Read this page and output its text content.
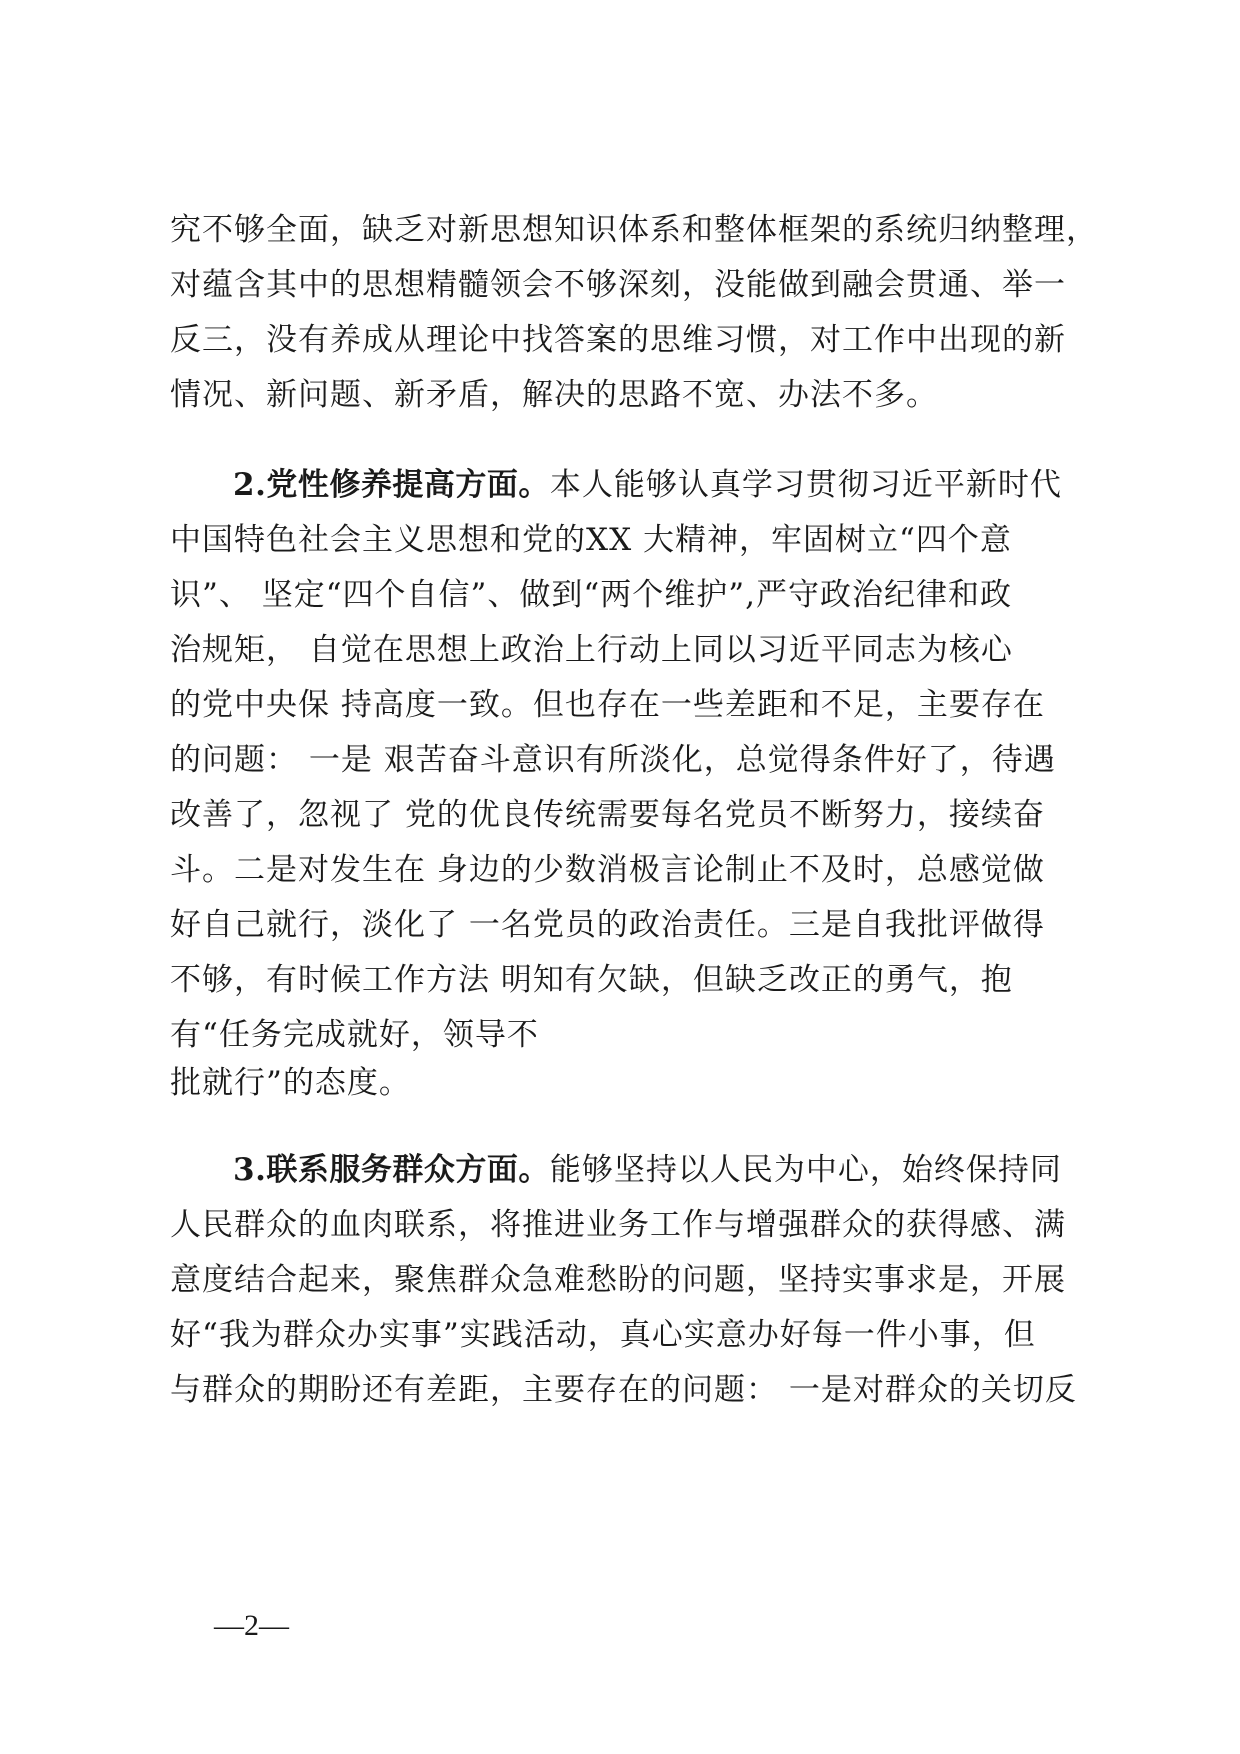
究不够全面，缺乏对新思想知识体系和整体框架的系统归纳整理，
对蕴含其中的思想精髓领会不够深刻，没能做到融会贯通、举一
反三，没有养成从理论中找答案的思维习惯，对工作中出现的新
情况、新问题、新矛盾，解决的思路不宽、办法不多。
2.党性修养提高方面。本人能够认真学习贯彻习近平新时代
中国特色社会主义思想和党的XX 大精神，牢固树立“四个意
识”、 坚定“四个自信”、做到“两个维护”,严守政治纪律和政
治规矩， 自觉在思想上政治上行动上同以习近平同志为核心
的党中央保 持高度一致。但也存在一些差距和不足，主要存在
的问题： 一是 艰苦奋斗意识有所淡化，总觉得条件好了，待遇
改善了，忽视了 党的优良传统需要每名党员不断努力，接续奋
斗。二是对发生在 身边的少数消极言论制止不及时，总感觉做
好自己就行，淡化了 一名党员的政治责任。三是自我批评做得
不够，有时候工作方法 明知有欠缺，但缺乏改正的勇气，抱
有“任务完成就好，领导不
批就行”的态度。
3.联系服务群众方面。能够坚持以人民为中心，始终保持同
人民群众的血肉联系，将推进业务工作与增强群众的获得感、满
意度结合起来，聚焦群众急难愁盼的问题，坚持实事求是，开展
好“我为群众办实事”实践活动，真心实意办好每一件小事，但
与群众的期盼还有差距，主要存在的问题： 一是对群众的关切反
—2—
